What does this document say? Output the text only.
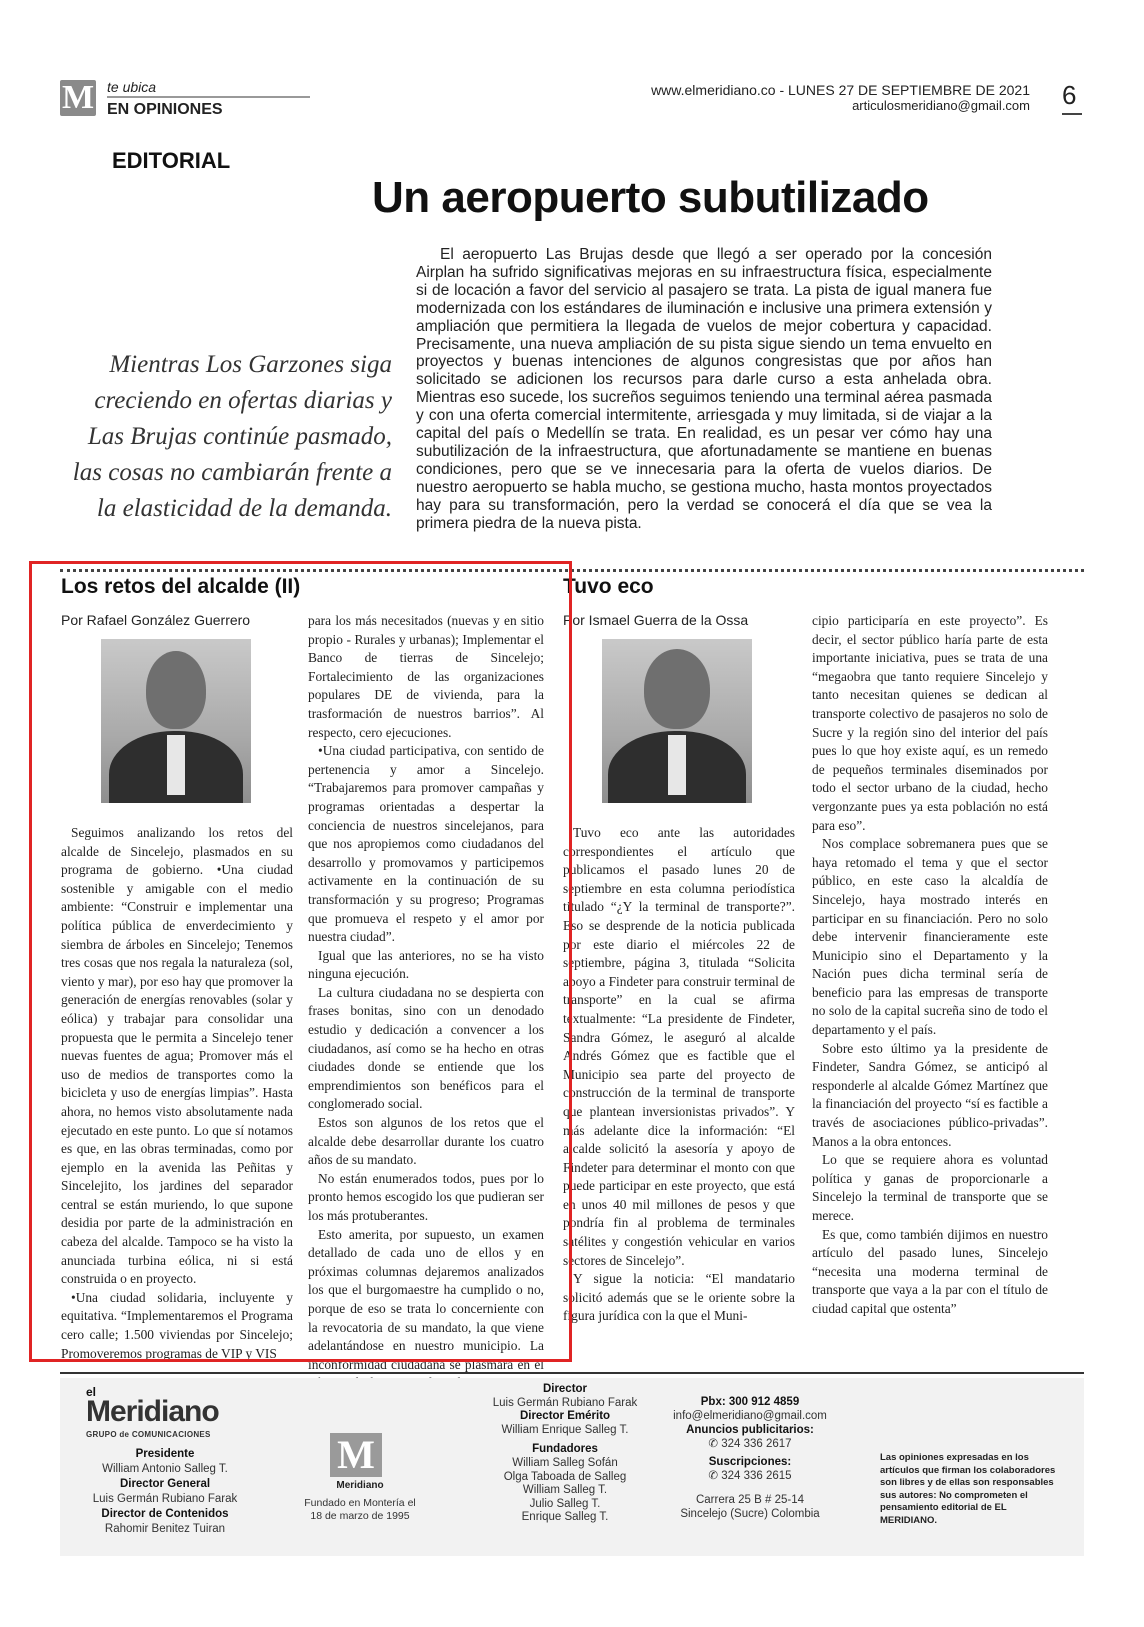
M te ubica
EN OPINIONES
www.elmeridiano.co - LUNES 27 DE SEPTIEMBRE DE 2021
articulosmeridiano@gmail.com 6
EDITORIAL
Un aeropuerto subutilizado
Mientras Los Garzones siga creciendo en ofertas diarias y Las Brujas continúe pasmado, las cosas no cambiarán frente a la elasticidad de la demanda.

El aeropuerto Las Brujas desde que llegó a ser operado por la concesión Airplan ha sufrido significativas mejoras en su infraestructura física, especialmente si de locación a favor del servicio al pasajero se trata. La pista de igual manera fue modernizada con los estándares de iluminación e inclusive una primera extensión y ampliación que permitiera la llegada de vuelos de mejor cobertura y capacidad. Precisamente, una nueva ampliación de su pista sigue siendo un tema envuelto en proyectos y buenas intenciones de algunos congresistas que por años han solicitado se adicionen los recursos para darle curso a esta anhelada obra. Mientras eso sucede, los sucreños seguimos teniendo una terminal aérea pasmada y con una oferta comercial intermitente, arriesgada y muy limitada, si de viajar a la capital del país o Medellín se trata. En realidad, es un pesar ver cómo hay una subutilización de la infraestructura, que afortunadamente se mantiene en buenas condiciones, pero que se ve innecesaria para la oferta de vuelos diarios. De nuestro aeropuerto se habla mucho, se gestiona mucho, hasta montos proyectados hay para su transformación, pero la verdad se conocerá el día que se vea la primera piedra de la nueva pista.

Los retos del alcalde (II)
Por Rafael González Guerrero

Seguimos analizando los retos del alcalde de Sincelejo, plasmados en su programa de gobierno. •Una ciudad sostenible y amigable con el medio ambiente: “Construir e implementar una política pública de enverdecimiento y siembra de árboles en Sincelejo; Tenemos tres cosas que nos regala la naturaleza (sol, viento y mar), por eso hay que promover la generación de energías renovables (solar y eólica) y trabajar para consolidar una propuesta que le permita a Sincelejo tener nuevas fuentes de agua; Promover más el uso de medios de transportes como la bicicleta y uso de energías limpias”. Hasta ahora, no hemos visto absolutamente nada ejecutado en este punto. Lo que sí notamos es que, en las obras terminadas, como por ejemplo en la avenida las Peñitas y Sincelejito, los jardines del separador central se están muriendo, lo que supone desidia por parte de la administración en cabeza del alcalde. Tampoco se ha visto la anunciada turbina eólica, ni si está construida o en proyecto.

•Una ciudad solidaria, incluyente y equitativa. “Implementaremos el Programa cero calle; 1.500 viviendas por Sincelejo; Promoveremos programas de VIP y VIS

para los más necesitados (nuevas y en sitio propio - Rurales y urbanas); Implementar el Banco de tierras de Sincelejo; Fortalecimiento de las organizaciones populares DE de vivienda, para la trasformación de nuestros barrios”. Al respecto, cero ejecuciones.

•Una ciudad participativa, con sentido de pertenencia y amor a Sincelejo. “Trabajaremos para promover campañas y programas orientadas a despertar la conciencia de nuestros sincelejanos, para que nos apropiemos como ciudadanos del desarrollo y promovamos y participemos activamente en la continuación de su transformación y su progreso; Programas que promueva el respeto y el amor por nuestra ciudad”.

Igual que las anteriores, no se ha visto ninguna ejecución.

La cultura ciudadana no se despierta con frases bonitas, sino con un denodado estudio y dedicación a convencer a los ciudadanos, así como se ha hecho en otras ciudades donde se entiende que los emprendimientos son benéficos para el conglomerado social.

Estos son algunos de los retos que el alcalde debe desarrollar durante los cuatro años de su mandato.

No están enumerados todos, pues por lo pronto hemos escogido los que pudieran ser los más protuberantes.

Esto amerita, por supuesto, un examen detallado de cada uno de ellos y en próximas columnas dejaremos analizados los que el burgomaestre ha cumplido o no, porque de eso se trata lo concerniente con la revocatoria de su mandato, la que viene adelantándose en nuestro municipio. La inconformidad ciudadana se plasmará en el

Tuvo eco
Por Ismael Guerra de la Ossa

Tuvo eco ante las autoridades correspondientes el artículo que publicamos el pasado lunes 20 de septiembre en esta columna periodística titulado “¿Y la terminal de transporte?”. Eso se desprende de la noticia publicada por este diario el miércoles 22 de septiembre, página 3, titulada “Solicita apoyo a Findeter para construir terminal de transporte” en la cual se afirma textualmente: “La presidente de Findeter, Sandra Gómez, le aseguró al alcalde Andrés Gómez que es factible que el Municipio sea parte del proyecto de construcción de la terminal de transporte que plantean inversionistas privados”. Y más adelante dice la información: “El alcalde solicitó la asesoría y apoyo de Findeter para determinar el monto con que puede participar en este proyecto, que está en unos 40 mil millones de pesos y que pondría fin al problema de terminales satélites y congestión vehicular en varios sectores de Sincelejo”.

Y sigue la noticia: “El mandatario solicitó además que se le oriente sobre la figura jurídica con la que el Muni-

cipio participaría en este proyecto”. Es decir, el sector público haría parte de esta importante iniciativa, pues se trata de una “megaobra que tanto requiere Sincelejo y tanto necesitan quienes se dedican al transporte colectivo de pasajeros no solo de Sucre y la región sino del interior del país pues lo que hoy existe aquí, es un remedo de pequeños terminales diseminados por todo el sector urbano de la ciudad, hecho vergonzante pues ya esta población no está para eso”.

Nos complace sobremanera pues que se haya retomado el tema y que el sector público, en este caso la alcaldía de Sincelejo, haya mostrado interés en participar en su financiación. Pero no solo debe intervenir financieramente este Municipio sino el Departamento y la Nación pues dicha terminal sería de beneficio para las empresas de transporte no solo de la capital sucreña sino de todo el departamento y el país.

Sobre esto último ya la presidente de Findeter, Sandra Gómez, se anticipó al responderle al alcalde Gómez Martínez que la financiación del proyecto “sí es factible a través de asociaciones público-privadas”. Manos a la obra entonces.

Lo que se requiere ahora es voluntad política y ganas de proporcionarle a Sincelejo la terminal de transporte que se merece.

Es que, como también dijimos en nuestro artículo del pasado lunes, Sincelejo “necesita una moderna terminal de transporte que vaya a la par con el título de ciudad capital que ostenta”

el
Meridiano
GRUPO de COMUNICACIONES
Presidente
William Antonio Salleg T.
Director General
Luis Germán Rubiano Farak
Director de Contenidos
Rahomir Benitez Tuiran
M
Meridiano
Fundado en Montería el 18 de marzo de 1995
Director
Luis Germán Rubiano Farak
Director Emérito
William Enrique Salleg T.
Fundadores
William Salleg Sofán
Olga Taboada de Salleg
William Salleg T.
Julio Salleg T.
Enrique Salleg T.
Pbx: 300 912 4859
info@elmeridiano@gmail.com
Anuncios publicitarios:
✆ 324 336 2617
Suscripciones:
✆ 324 336 2615
Carrera 25 B # 25-14
Sincelejo (Sucre) Colombia
Las opiniones expresadas en los artículos que firman los colaboradores son libres y de ellas son responsables sus autores: No comprometen el pensamiento editorial de EL MERIDIANO.
